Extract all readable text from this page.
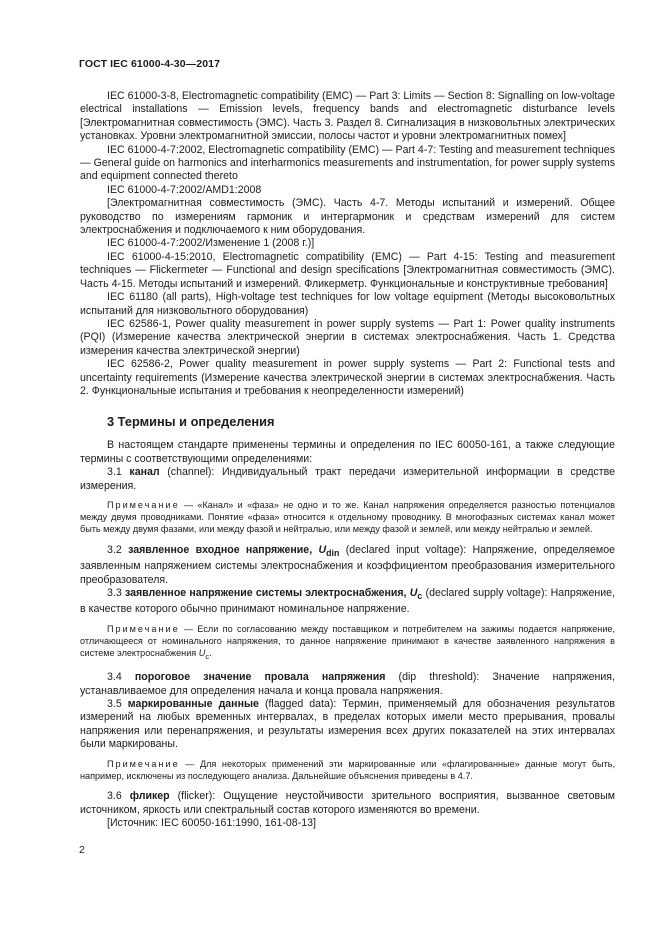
ГОСТ IEC 61000-4-30—2017

IEC 61000-3-8, Electromagnetic compatibility (EMC) — Part 3: Limits — Section 8: Signalling on low-voltage electrical installations — Emission levels, frequency bands and electromagnetic disturbance levels [Электромагнитная совместимость (ЭМС). Часть 3. Раздел 8. Сигнализация в низковольтных электрических установках. Уровни электромагнитной эмиссии, полосы частот и уровни электромагнитных помех]

IEC 61000-4-7:2002, Electromagnetic compatibility (EMC) — Part 4-7: Testing and measurement techniques — General guide on harmonics and interharmonics measurements and instrumentation, for power supply systems and equipment connected thereto

IEC 61000-4-7:2002/AMD1:2008

[Электромагнитная совместимость (ЭМС). Часть 4-7. Методы испытаний и измерений. Общее руководство по измерениям гармоник и интергармоник и средствам измерений для систем электроснабжения и подключаемого к ним оборудования.

IEC 61000-4-7:2002/Изменение 1 (2008 г.)]

IEC 61000-4-15:2010, Electromagnetic compatibility (EMC) — Part 4-15: Testing and measurement techniques — Flickermeter — Functional and design specifications [Электромагнитная совместимость (ЭМС). Часть 4-15. Методы испытаний и измерений. Фликерметр. Функциональные и конструктивные требования]

IEC 61180 (all parts), High-voltage test techniques for low voltage equipment (Методы высоковольтных испытаний для низковольтного оборудования)

IEC 62586-1, Power quality measurement in power supply systems — Part 1: Power quality instruments (PQI) (Измерение качества электрической энергии в системах электроснабжения. Часть 1. Средства измерения качества электрической энергии)

IEC 62586-2, Power quality measurement in power supply systems — Part 2: Functional tests and uncertainty requirements (Измерение качества электрической энергии в системах электроснабжения. Часть 2. Функциональные испытания и требования к неопределенности измерений)

3 Термины и определения

В настоящем стандарте применены термины и определения по IEC 60050-161, а также следующие термины с соответствующими определениями:

3.1 канал (channel): Индивидуальный тракт передачи измерительной информации в средстве измерения.

Примечание — «Канал» и «фаза» не одно и то же. Канал напряжения определяется разностью потенциалов между двумя проводниками. Понятие «фаза» относится к отдельному проводнику. В многофазных системах канал может быть между двумя фазами, или между фазой и нейтралью, или между фазой и землей, или между нейтралью и землей.

3.2 заявленное входное напряжение, $U_{din}$ (declared input voltage): Напряжение, определяемое заявленным напряжением системы электроснабжения и коэффициентом преобразования измерительного преобразователя.

3.3 заявленное напряжение системы электроснабжения, $U_c$ (declared supply voltage): Напряжение, в качестве которого обычно принимают номинальное напряжение.

Примечание — Если по согласованию между поставщиком и потребителем на зажимы подается напряжение, отличающееся от номинального напряжения, то данное напряжение принимают в качестве заявленного напряжения в системе электроснабжения $U_c$.

3.4 пороговое значение провала напряжения (dip threshold): Значение напряжения, устанавливаемое для определения начала и конца провала напряжения.

3.5 маркированные данные (flagged data): Термин, применяемый для обозначения результатов измерений на любых временных интервалах, в пределах которых имели место прерывания, провалы напряжения или перенапряжения, и результаты измерения всех других показателей на этих интервалах были маркированы.

Примечание — Для некоторых применений эти маркированные или «флагированные» данные могут быть, например, исключены из последующего анализа. Дальнейшие объяснения приведены в 4.7.

3.6 фликер (flicker): Ощущение неустойчивости зрительного восприятия, вызванное световым источником, яркость или спектральный состав которого изменяются во времени.

[Источник: IEC 60050-161:1990, 161-08-13]

2
